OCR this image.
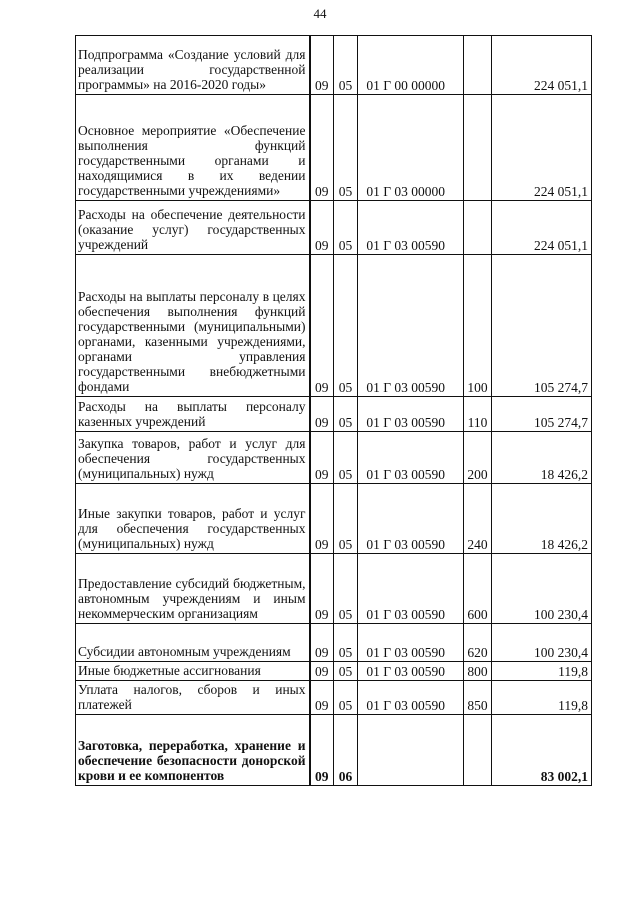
44
Подпрограмма «Создание условий для реализации государственной программы» на 2016-2020 годы»	09	05	01 Г 00 00000		224 051,1
Основное мероприятие «Обеспечение выполнения функций государственными органами и находящимися в их ведении государственными учреждениями»	09	05	01 Г 03 00000		224 051,1
Расходы на обеспечение деятельности (оказание услуг) государственных учреждений	09	05	01 Г 03 00590		224 051,1
Расходы на выплаты персоналу в целях обеспечения выполнения функций государственными (муниципальными) органами, казенными учреждениями, органами управления государственными внебюджетными фондами	09	05	01 Г 03 00590	100	105 274,7
Расходы на выплаты персоналу казенных учреждений	09	05	01 Г 03 00590	110	105 274,7
Закупка товаров, работ и услуг для обеспечения государственных (муниципальных) нужд	09	05	01 Г 03 00590	200	18 426,2
Иные закупки товаров, работ и услуг для обеспечения государственных (муниципальных) нужд	09	05	01 Г 03 00590	240	18 426,2
Предоставление субсидий бюджетным, автономным учреждениям и иным некоммерческим организациям	09	05	01 Г 03 00590	600	100 230,4
Субсидии автономным учреждениям	09	05	01 Г 03 00590	620	100 230,4
Иные бюджетные ассигнования	09	05	01 Г 03 00590	800	119,8
Уплата налогов, сборов и иных платежей	09	05	01 Г 03 00590	850	119,8
Заготовка, переработка, хранение и обеспечение безопасности донорской крови и ее компонентов	09	06			83 002,1
